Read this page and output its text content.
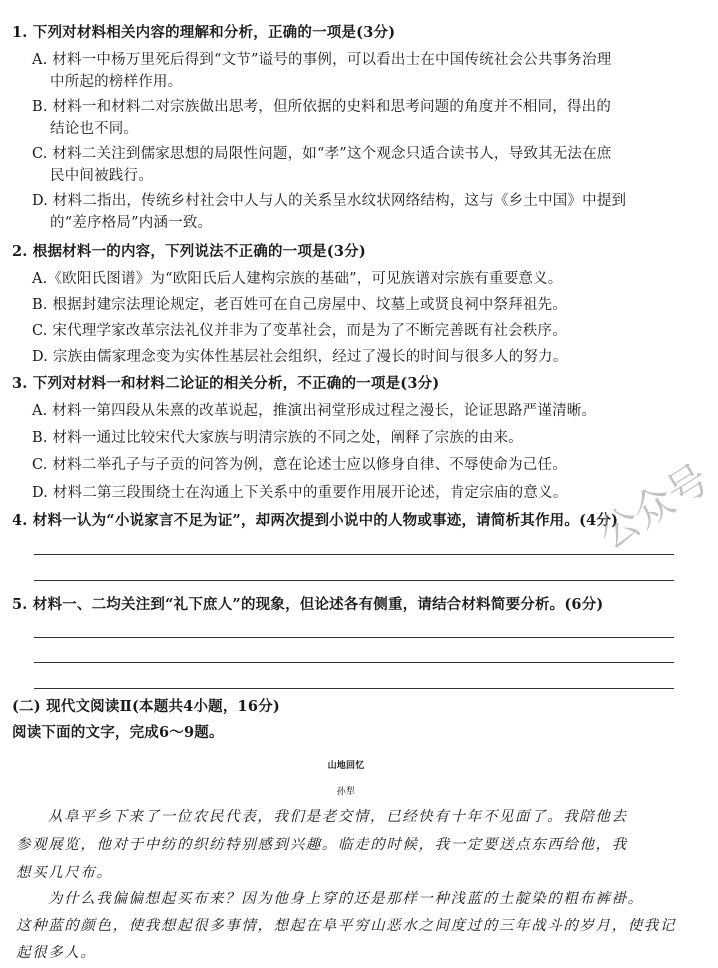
1. 下列对材料相关内容的理解和分析，正确的一项是(3分)
A. 材料一中杨万里死后得到“文节”谥号的事例，可以看出士在中国传统社会公共事务治理
中所起的榜样作用。
B. 材料一和材料二对宗族做出思考，但所依据的史料和思考问题的角度并不相同，得出的
结论也不同。
C. 材料二关注到儒家思想的局限性问题，如“孝”这个观念只适合读书人，导致其无法在庶
民中间被践行。
D. 材料二指出，传统乡村社会中人与人的关系呈水纹状网络结构，这与《乡土中国》中提到
的“差序格局”内涵一致。
2. 根据材料一的内容，下列说法不正确的一项是(3分)
A.《欧阳氏图谱》为“欧阳氏后人建构宗族的基础”，可见族谱对宗族有重要意义。
B. 根据封建宗法理论规定，老百姓可在自己房屋中、坟墓上或贤良祠中祭拜祖先。
C. 宋代理学家改革宗法礼仪并非为了变革社会，而是为了不断完善既有社会秩序。
D. 宗族由儒家理念变为实体性基层社会组织，经过了漫长的时间与很多人的努力。
3. 下列对材料一和材料二论证的相关分析，不正确的一项是(3分)
A. 材料一第四段从朱熹的改革说起，推演出祠堂形成过程之漫长，论证思路严谨清晰。
B. 材料一通过比较宋代大家族与明清宗族的不同之处，阐释了宗族的由来。
C. 材料二举孔子与子贡的问答为例，意在论述士应以修身自律、不辱使命为己任。
D. 材料二第三段围绕士在沟通上下关系中的重要作用展开论述，肯定宗庙的意义。
4. 材料一认为“小说家言不足为证”，却两次提到小说中的人物或事迹，请简析其作用。(4分)
5. 材料一、二均关注到“礼下庶人”的现象，但论述各有侧重，请结合材料简要分析。(6分)
(二) 现代文阅读Ⅱ(本题共4小题，16分)
阅读下面的文字，完成6～9题。
山地回忆
孙犁
从阜平乡下来了一位农民代表，我们是老交情，已经快有十年不见面了。我陪他去
参观展览，他对于中纺的织纺特别感到兴趣。临走的时候，我一定要送点东西给他，我
想买几尺布。
为什么我偏偏想起买布来？因为他身上穿的还是那样一种浅蓝的土靛染的粗布裤褂。
这种蓝的颜色，使我想起很多事情，想起在阜平穷山恶水之间度过的三年战斗的岁月，使我记
起很多人。
公众号
